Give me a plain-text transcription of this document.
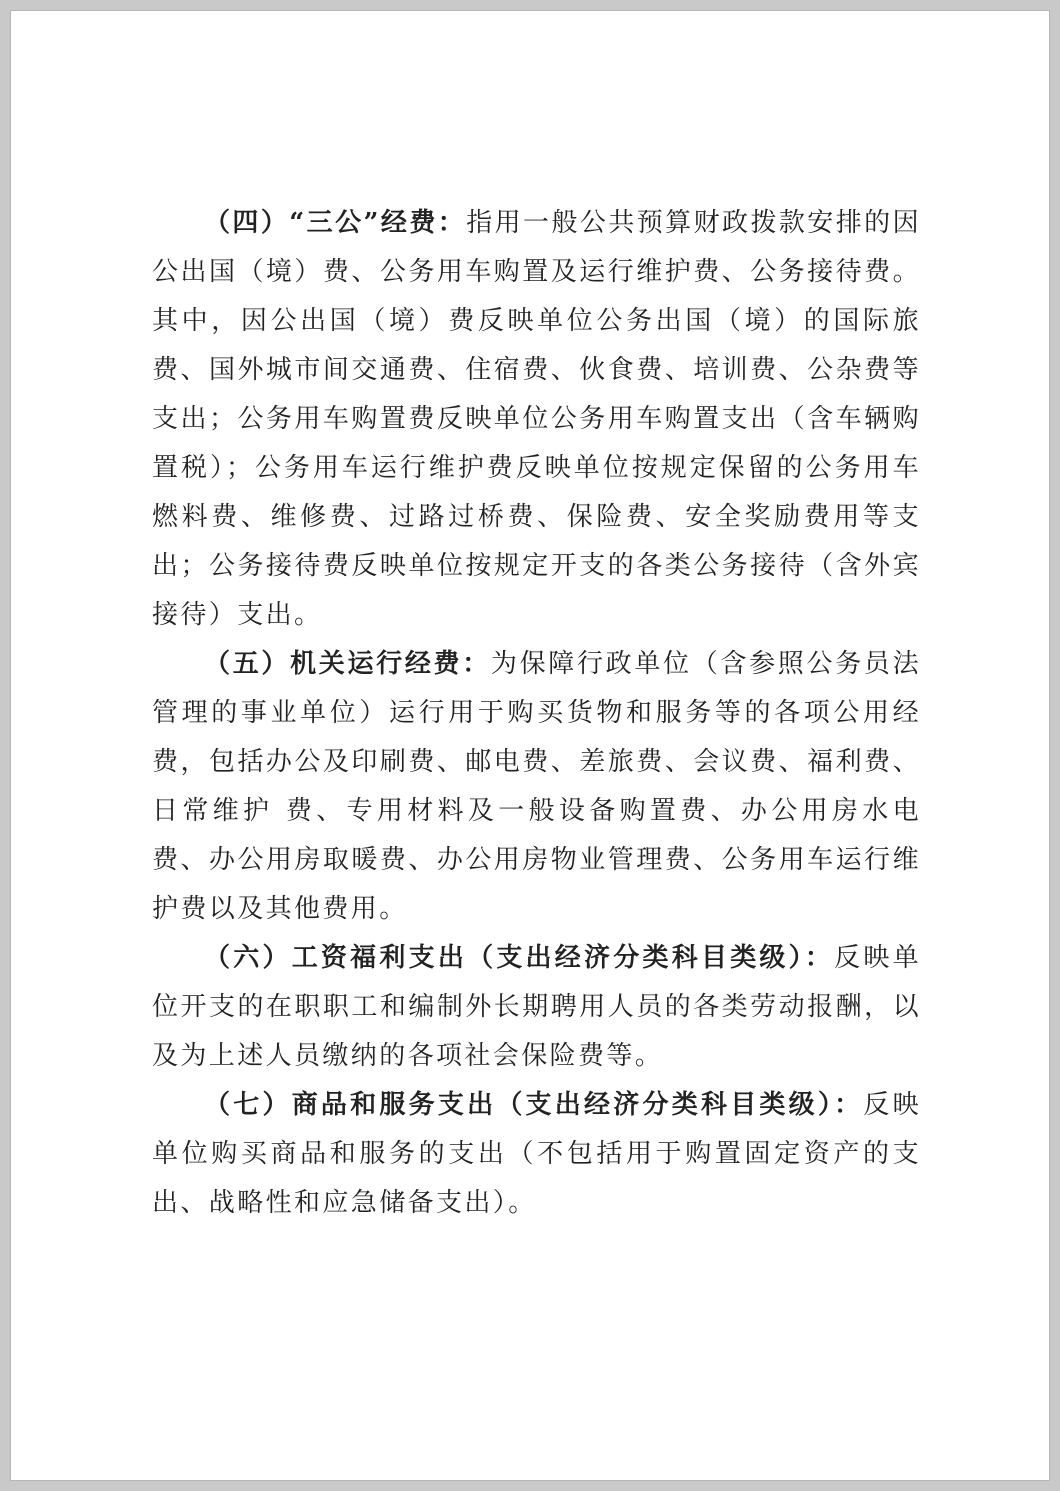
（四）“三公”经费：指用一般公共预算财政拨款安排的因公出国（境）费、公务用车购置及运行维护费、公务接待费。其中，因公出国（境）费反映单位公务出国（境）的国际旅费、国外城市间交通费、住宿费、伙食费、培训费、公杂费等支出；公务用车购置费反映单位公务用车购置支出（含车辆购置税）；公务用车运行维护费反映单位按规定保留的公务用车燃料费、维修费、过路过桥费、保险费、安全奖励费用等支出；公务接待费反映单位按规定开支的各类公务接待（含外宾接待）支出。

（五）机关运行经费：为保障行政单位（含参照公务员法管理的事业单位）运行用于购买货物和服务等的各项公用经费，包括办公及印刷费、邮电费、差旅费、会议费、福利费、日常维护 费、专用材料及一般设备购置费、办公用房水电费、办公用房取暖费、办公用房物业管理费、公务用车运行维护费以及其他费用。

（六）工资福利支出（支出经济分类科目类级）：反映单位开支的在职职工和编制外长期聘用人员的各类劳动报酬，以及为上述人员缴纳的各项社会保险费等。

（七）商品和服务支出（支出经济分类科目类级）：反映单位购买商品和服务的支出（不包括用于购置固定资产的支出、战略性和应急储备支出）。
